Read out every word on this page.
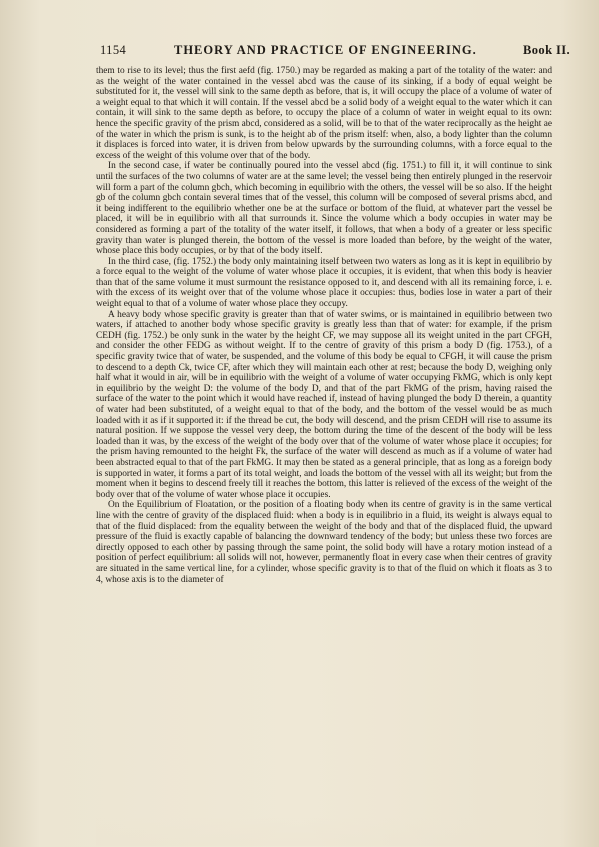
1154	THEORY AND PRACTICE OF ENGINEERING.	Book II.

them to rise to its level; thus the first aefd (fig. 1750.) may be regarded as making a part of the totality of the water: and as the weight of the water contained in the vessel abcd was the cause of its sinking, if a body of equal weight be substituted for it, the vessel will sink to the same depth as before, that is, it will occupy the place of a volume of water of a weight equal to that which it will contain. If the vessel abcd be a solid body of a weight equal to the water which it can contain, it will sink to the same depth as before, to occupy the place of a column of water in weight equal to its own: hence the specific gravity of the prism abcd, considered as a solid, will be to that of the water reciprocally as the height ae of the water in which the prism is sunk, is to the height ab of the prism itself: when, also, a body lighter than the column it displaces is forced into water, it is driven from below upwards by the surrounding columns, with a force equal to the excess of the weight of this volume over that of the body.

In the second case, if water be continually poured into the vessel abcd (fig. 1751.) to fill it, it will continue to sink until the surfaces of the two columns of water are at the same level; the vessel being then entirely plunged in the reservoir will form a part of the column gbch, which becoming in equilibrio with the others, the vessel will be so also. If the height gb of the column gbch contain several times that of the vessel, this column will be composed of several prisms abcd, and it being indifferent to the equilibrio whether one be at the surface or bottom of the fluid, at whatever part the vessel be placed, it will be in equilibrio with all that surrounds it. Since the volume which a body occupies in water may be considered as forming a part of the totality of the water itself, it follows, that when a body of a greater or less specific gravity than water is plunged therein, the bottom of the vessel is more loaded than before, by the weight of the water, whose place this body occupies, or by that of the body itself.

In the third case, (fig. 1752.) the body only maintaining itself between two waters as long as it is kept in equilibrio by a force equal to the weight of the volume of water whose place it occupies, it is evident, that when this body is heavier than that of the same volume it must surmount the resistance opposed to it, and descend with all its remaining force, i. e. with the excess of its weight over that of the volume whose place it occupies: thus, bodies lose in water a part of their weight equal to that of a volume of water whose place they occupy.

A heavy body whose specific gravity is greater than that of water swims, or is maintained in equilibrio between two waters, if attached to another body whose specific gravity is greatly less than that of water: for example, if the prism CEDH (fig. 1752.) be only sunk in the water by the height CF, we may suppose all its weight united in the part CFGH, and consider the other FEDG as without weight. If to the centre of gravity of this prism a body D (fig. 1753.), of a specific gravity twice that of water, be suspended, and the volume of this body be equal to CFGH, it will cause the prism to descend to a depth Ck, twice CF, after which they will maintain each other at rest; because the body D, weighing only half what it would in air, will be in equilibrio with the weight of a volume of water occupying FkMG, which is only kept in equilibrio by the weight D: the volume of the body D, and that of the part FkMG of the prism, having raised the surface of the water to the point which it would have reached if, instead of having plunged the body D therein, a quantity of water had been substituted, of a weight equal to that of the body, and the bottom of the vessel would be as much loaded with it as if it supported it: if the thread be cut, the body will descend, and the prism CEDH will rise to assume its natural position. If we suppose the vessel very deep, the bottom during the time of the descent of the body will be less loaded than it was, by the excess of the weight of the body over that of the volume of water whose place it occupies; for the prism having remounted to the height Fk, the surface of the water will descend as much as if a volume of water had been abstracted equal to that of the part FkMG. It may then be stated as a general principle, that as long as a foreign body is supported in water, it forms a part of its total weight, and loads the bottom of the vessel with all its weight; but from the moment when it begins to descend freely till it reaches the bottom, this latter is relieved of the excess of the weight of the body over that of the volume of water whose place it occupies.

On the Equilibrium of Floatation, or the position of a floating body when its centre of gravity is in the same vertical line with the centre of gravity of the displaced fluid: when a body is in equilibrio in a fluid, its weight is always equal to that of the fluid displaced: from the equality between the weight of the body and that of the displaced fluid, the upward pressure of the fluid is exactly capable of balancing the downward tendency of the body; but unless these two forces are directly opposed to each other by passing through the same point, the solid body will have a rotary motion instead of a position of perfect equilibrium: all solids will not, however, permanently float in every case when their centres of gravity are situated in the same vertical line, for a cylinder, whose specific gravity is to that of the fluid on which it floats as 3 to 4, whose axis is to the diameter of
